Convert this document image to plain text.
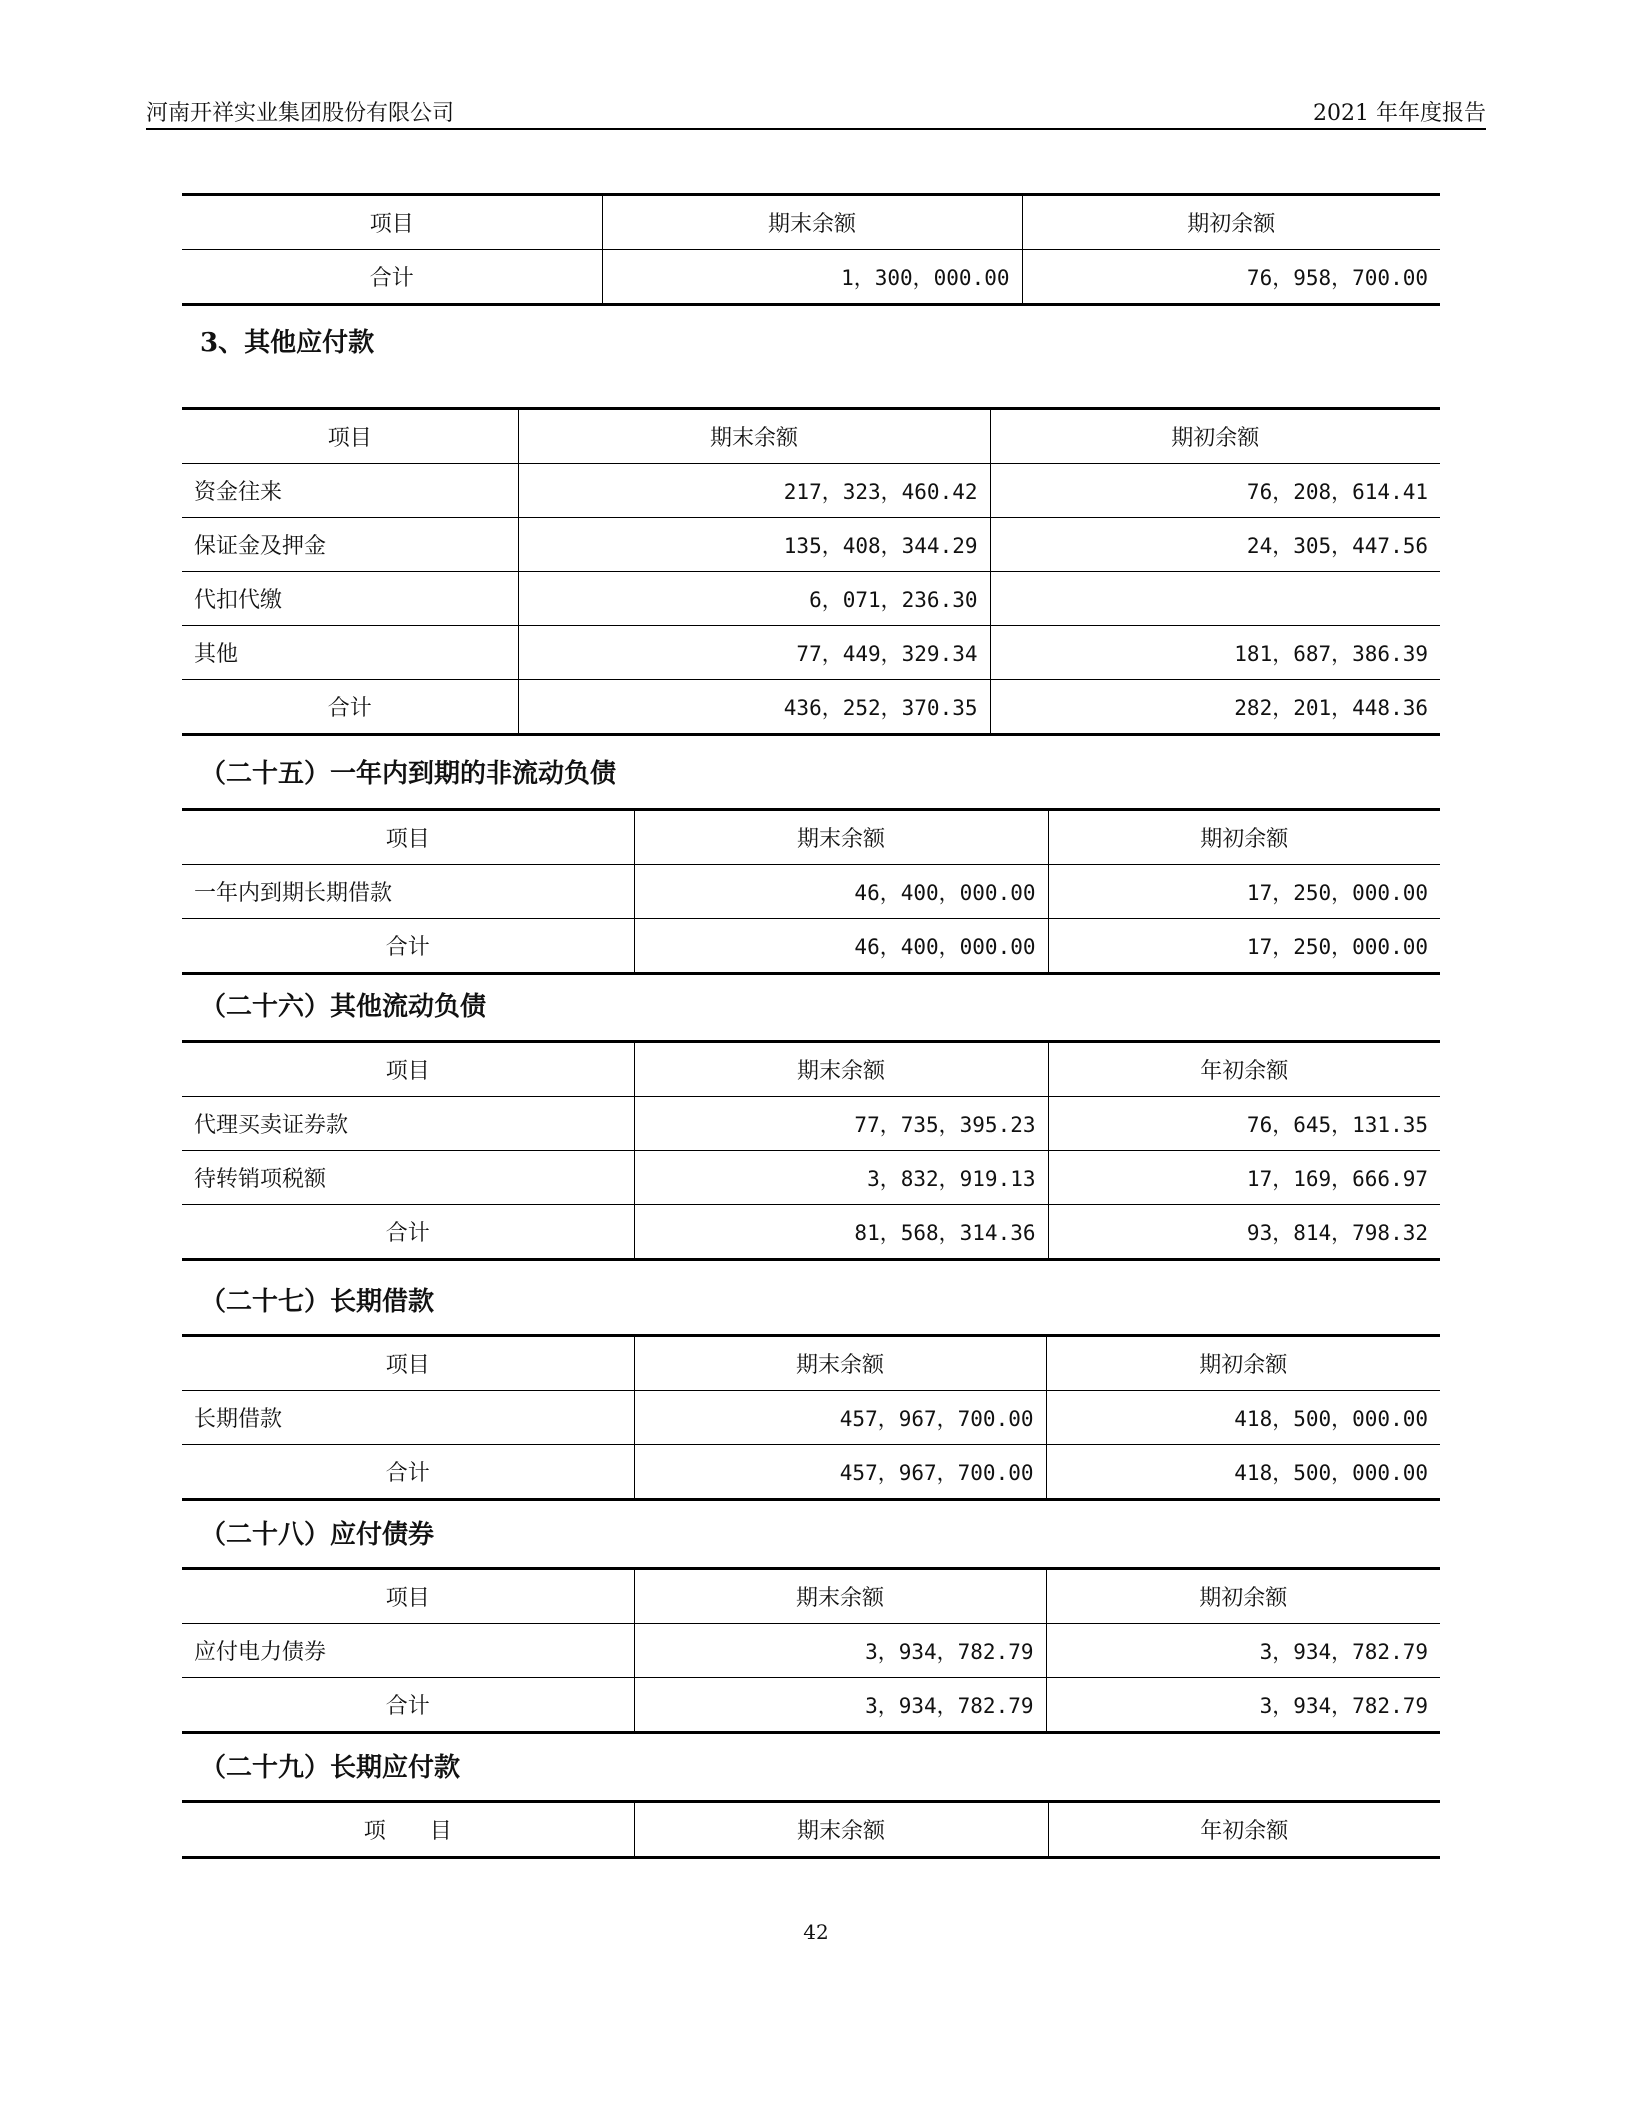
河南开祥实业集团股份有限公司	2021 年年度报告
项目	期末余额	期初余额
合计	1，300，000.00	76，958，700.00
3、其他应付款
项目	期末余额	期初余额
资金往来	217，323，460.42	76，208，614.41
保证金及押金	135，408，344.29	24，305，447.56
代扣代缴	6，071，236.30	
其他	77，449，329.34	181，687，386.39
合计	436，252，370.35	282，201，448.36
（二十五）一年内到期的非流动负债
项目	期末余额	期初余额
一年内到期长期借款	46，400，000.00	17，250，000.00
合计	46，400，000.00	17，250，000.00
（二十六）其他流动负债
项目	期末余额	年初余额
代理买卖证券款	77，735，395.23	76，645，131.35
待转销项税额	3，832，919.13	17，169，666.97
合计	81，568，314.36	93，814，798.32
（二十七）长期借款
项目	期末余额	期初余额
长期借款	457，967，700.00	418，500，000.00
合计	457，967，700.00	418，500，000.00
（二十八）应付债券
项目	期末余额	期初余额
应付电力债券	3，934，782.79	3，934，782.79
合计	3，934，782.79	3，934，782.79
（二十九）长期应付款
项　　目	期末余额	年初余额
42
